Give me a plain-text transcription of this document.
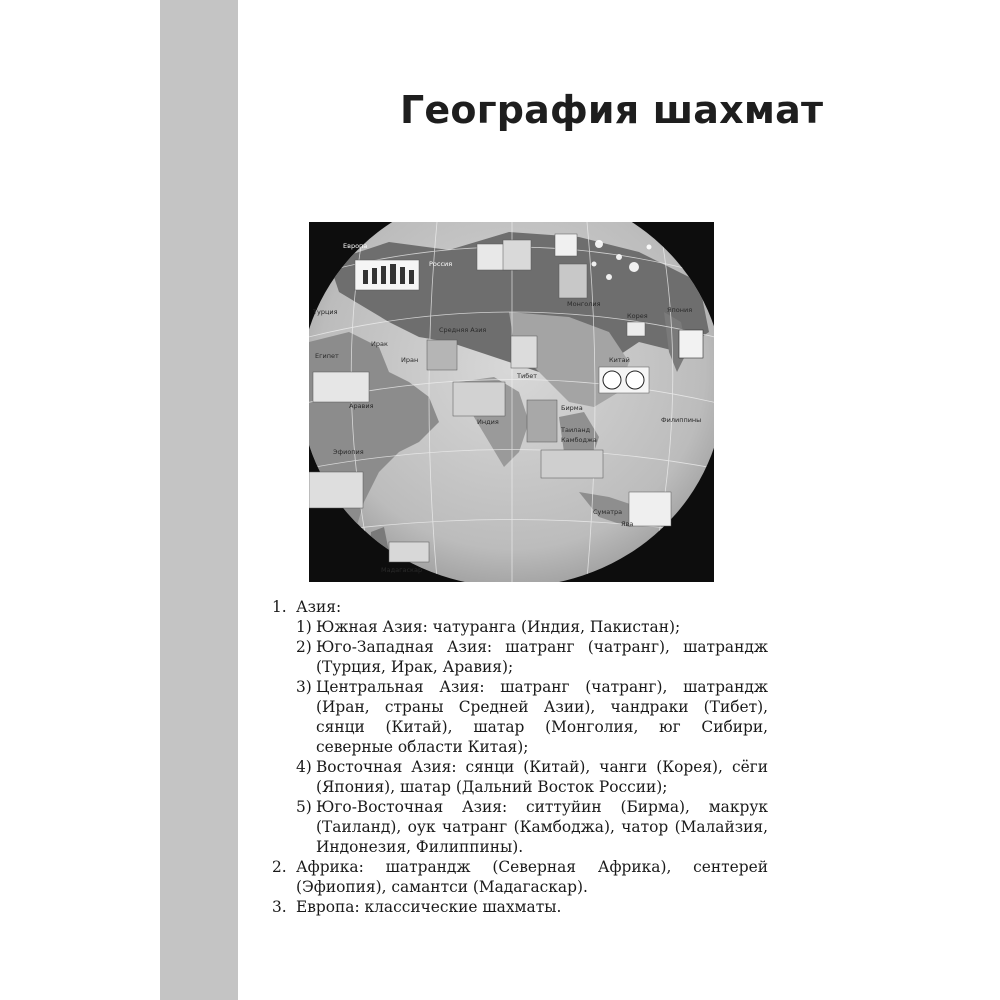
География шахмат
Европа
Россия
Турция
Ирак
Иран
Средняя Азия
Египет
Аравия
Эфиопия
Мадагаскар
Индия
Тибет
Монголия
Китай
Корея
Япония
Бирма
Таиланд
Камбоджа
Филиппины
Суматра
Ява
1. Азия:
1) Южная Азия: чатуранга (Индия, Пакистан);
2) Юго-Западная Азия: шатранг (чатранг), шатрандж (Турция, Ирак, Аравия);
3) Центральная Азия: шатранг (чатранг), шатрандж (Иран, страны Средней Азии), чандраки (Тибет), сянци (Китай), шатар (Монголия, юг Сибири, северные области Китая);
4) Восточная Азия: сянци (Китай), чанги (Корея), сёги (Япония), шатар (Дальний Восток России);
5) Юго-Восточная Азия: ситтуйин (Бирма), макрук (Таиланд), оук чатранг (Камбоджа), чатор (Малайзия, Индонезия, Филиппины).
2. Африка: шатрандж (Северная Африка), сентерей (Эфиопия), самантси (Мадагаскар).
3. Европа: классические шахматы.
